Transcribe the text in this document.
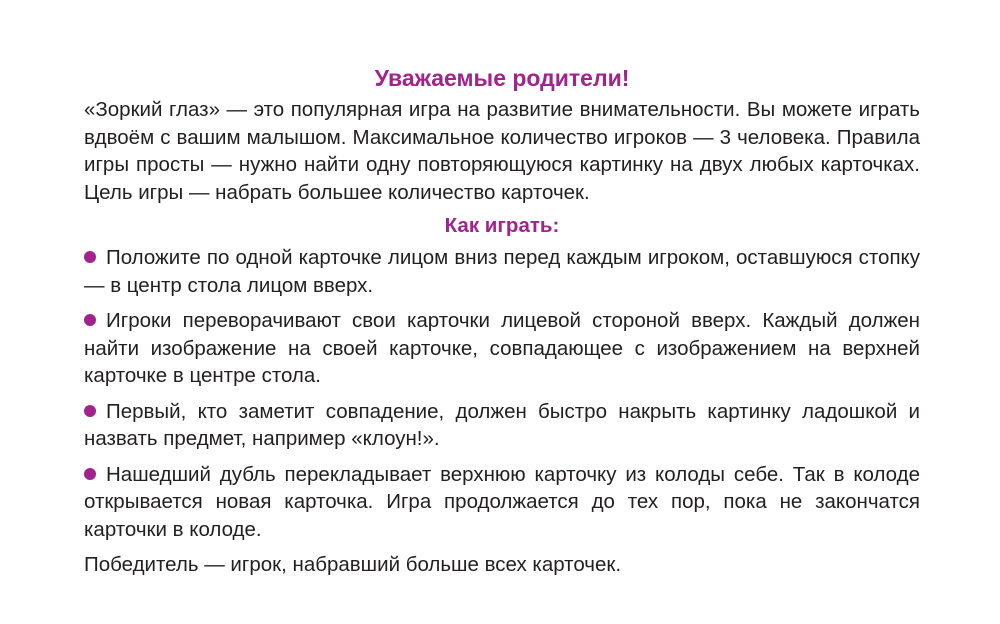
Уважаемые родители!

«Зоркий глаз» — это популярная игра на развитие внимательности. Вы можете играть вдвоём с вашим малышом. Максимальное количество игроков — 3 человека. Правила игры просты — нужно найти одну повторяющуюся картинку на двух любых карточках. Цель игры — набрать большее количество карточек.

Как играть:
Положите по одной карточке лицом вниз перед каждым игроком, оставшуюся стопку — в центр стола лицом вверх.
Игроки переворачивают свои карточки лицевой стороной вверх. Каждый должен найти изображение на своей карточке, совпадающее с изображением на верхней карточке в центре стола.
Первый, кто заметит совпадение, должен быстро накрыть картинку ладошкой и назвать предмет, например «клоун!».
Нашедший дубль перекладывает верхнюю карточку из колоды себе. Так в колоде открывается новая карточка. Игра продолжается до тех пор, пока не закончатся карточки в колоде.

Победитель — игрок, набравший больше всех карточек.
